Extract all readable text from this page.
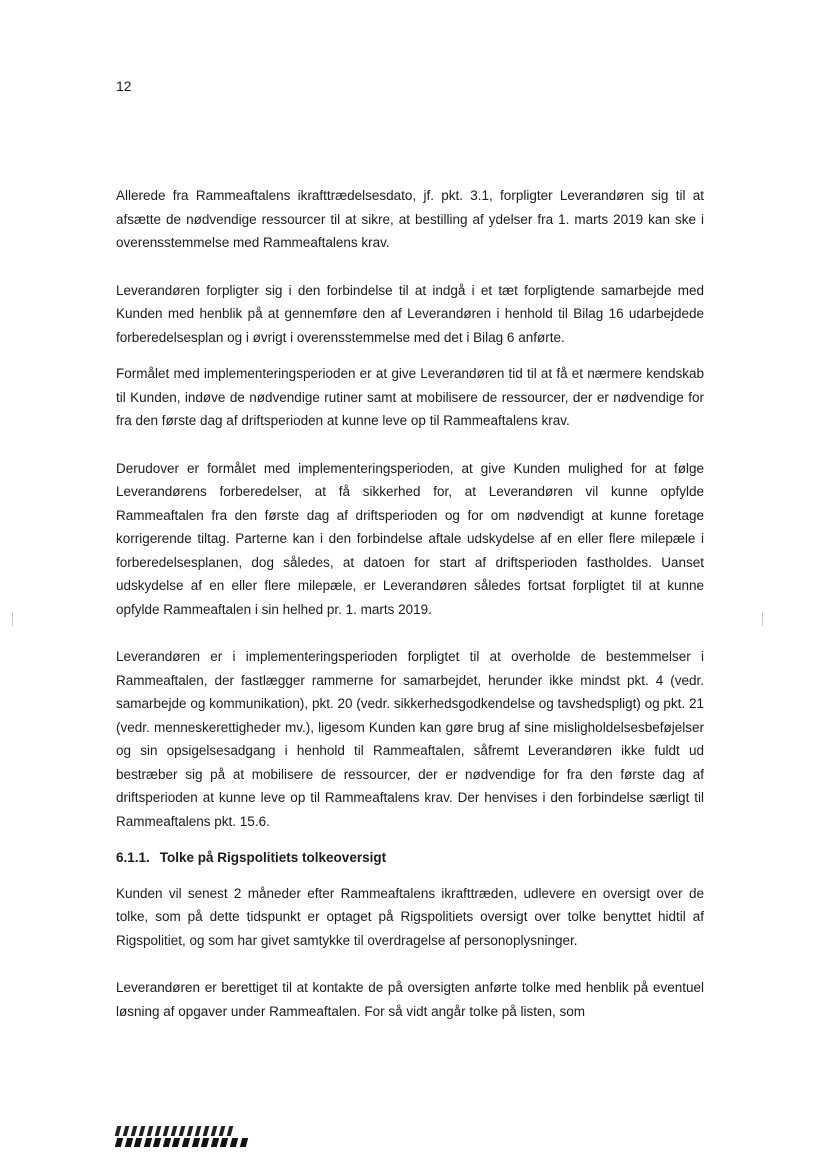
12

Allerede fra Rammeaftalens ikrafttrædelsesdato, jf. pkt. 3.1, forpligter Leverandøren sig til at afsætte de nødvendige ressourcer til at sikre, at bestilling af ydelser fra 1. marts 2019 kan ske i overensstemmelse med Rammeaftalens krav.

Leverandøren forpligter sig i den forbindelse til at indgå i et tæt forpligtende samarbejde med Kunden med henblik på at gennemføre den af Leverandøren i henhold til Bilag 16 udarbejdede forberedelsesplan og i øvrigt i overensstemmelse med det i Bilag 6 anførte.

Formålet med implementeringsperioden er at give Leverandøren tid til at få et nærmere kendskab til Kunden, indøve de nødvendige rutiner samt at mobilisere de ressourcer, der er nødvendige for fra den første dag af driftsperioden at kunne leve op til Rammeaftalens krav.

Derudover er formålet med implementeringsperioden, at give Kunden mulighed for at følge Leverandørens forberedelser, at få sikkerhed for, at Leverandøren vil kunne opfylde Rammeaftalen fra den første dag af driftsperioden og for om nødvendigt at kunne foretage korrigerende tiltag. Parterne kan i den forbindelse aftale udskydelse af en eller flere milepæle i forberedelsesplanen, dog således, at datoen for start af driftsperioden fastholdes. Uanset udskydelse af en eller flere milepæle, er Leverandøren således fortsat forpligtet til at kunne opfylde Rammeaftalen i sin helhed pr. 1. marts 2019.

Leverandøren er i implementeringsperioden forpligtet til at overholde de bestemmelser i Rammeaftalen, der fastlægger rammerne for samarbejdet, herunder ikke mindst pkt. 4 (vedr. samarbejde og kommunikation), pkt. 20 (vedr. sikkerhedsgodkendelse og tavshedspligt) og pkt. 21 (vedr. menneskerettigheder mv.), ligesom Kunden kan gøre brug af sine misligholdelsesbeføjelser og sin opsigelsesadgang i henhold til Rammeaftalen, såfremt Leverandøren ikke fuldt ud bestræber sig på at mobilisere de ressourcer, der er nødvendige for fra den første dag af driftsperioden at kunne leve op til Rammeaftalens krav. Der henvises i den forbindelse særligt til Rammeaftalens pkt. 15.6.

6.1.1. Tolke på Rigspolitiets tolkeoversigt

Kunden vil senest 2 måneder efter Rammeaftalens ikrafttræden, udlevere en oversigt over de tolke, som på dette tidspunkt er optaget på Rigspolitiets oversigt over tolke benyttet hidtil af Rigspolitiet, og som har givet samtykke til overdragelse af personoplysninger.

Leverandøren er berettiget til at kontakte de på oversigten anførte tolke med henblik på eventuel løsning af opgaver under Rammeaftalen. For så vidt angår tolke på listen, som
